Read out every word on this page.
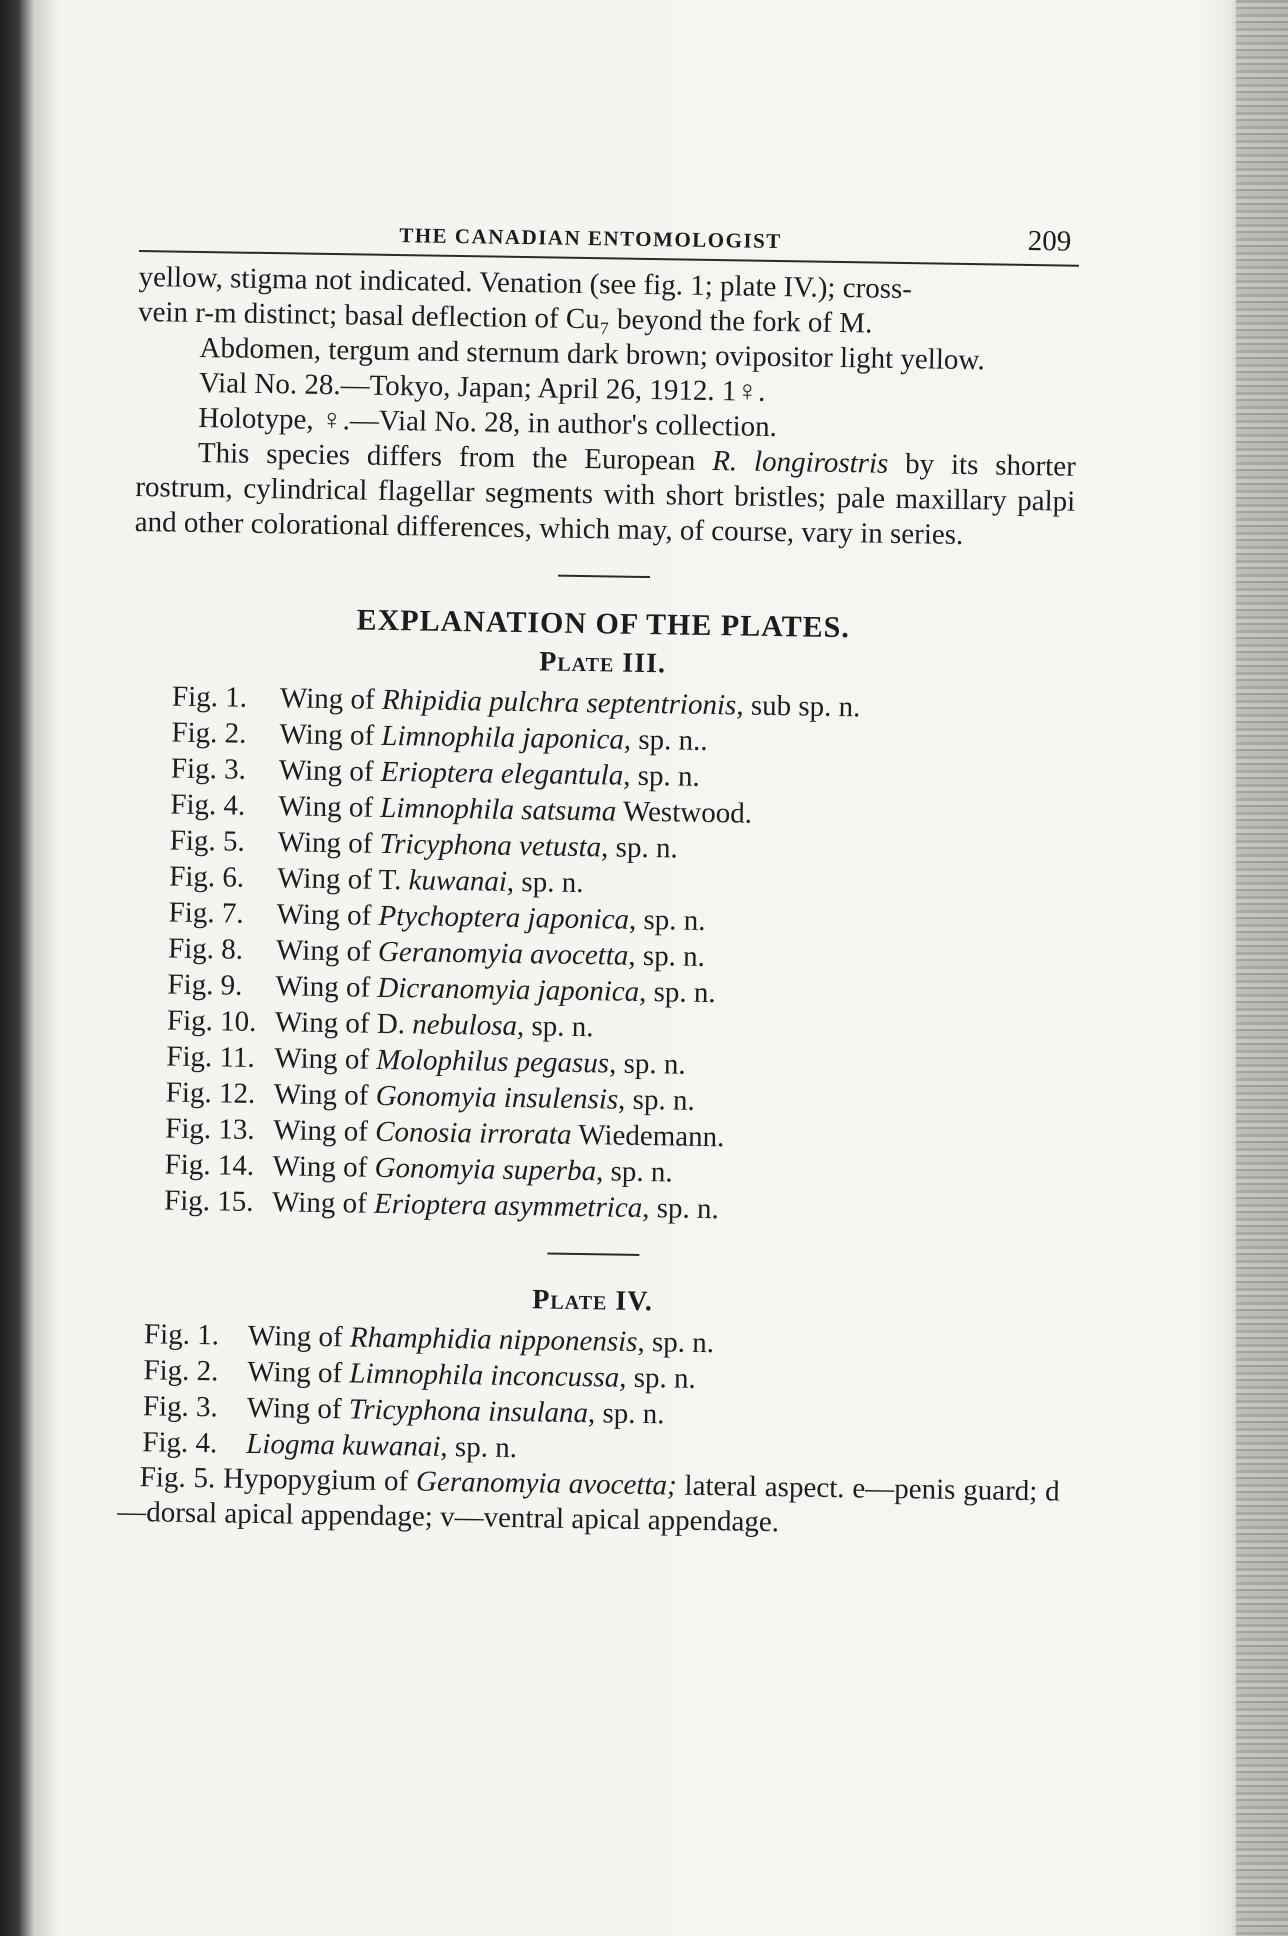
THE CANADIAN ENTOMOLOGIST	209

yellow, stigma not indicated. Venation (see fig. 1; plate IV.); cross-
vein r-m distinct; basal deflection of Cu₇ beyond the fork of M.

Abdomen, tergum and sternum dark brown; ovipositor light yellow.

Vial No. 28.—Tokyo, Japan; April 26, 1912. 1♀.

Holotype, ♀.—Vial No. 28, in author's collection.

This species differs from the European R. longirostris by its shorter rostrum, cylindrical flagellar segments with short bristles; pale maxillary palpi and other colorational differences, which may, of course, vary in series.

EXPLANATION OF THE PLATES.
Plate III.
Fig. 1. Wing of Rhipidia pulchra septentrionis, sub sp. n.
Fig. 2. Wing of Limnophila japonica, sp. n..
Fig. 3. Wing of Erioptera elegantula, sp. n.
Fig. 4. Wing of Limnophila satsuma Westwood.
Fig. 5. Wing of Tricyphona vetusta, sp. n.
Fig. 6. Wing of T. kuwanai, sp. n.
Fig. 7. Wing of Ptychoptera japonica, sp. n.
Fig. 8. Wing of Geranomyia avocetta, sp. n.
Fig. 9. Wing of Dicranomyia japonica, sp. n.
Fig. 10. Wing of D. nebulosa, sp. n.
Fig. 11. Wing of Molophilus pegasus, sp. n.
Fig. 12. Wing of Gonomyia insulensis, sp. n.
Fig. 13. Wing of Conosia irrorata Wiedemann.
Fig. 14. Wing of Gonomyia superba, sp. n.
Fig. 15. Wing of Erioptera asymmetrica, sp. n.
Plate IV.
Fig. 1. Wing of Rhamphidia nipponensis, sp. n.
Fig. 2. Wing of Limnophila inconcussa, sp. n.
Fig. 3. Wing of Tricyphona insulana, sp. n.
Fig. 4. Liogma kuwanai, sp. n.

Fig. 5. Hypopygium of Geranomyia avocetta; lateral aspect. e—penis guard; d—dorsal apical appendage; v—ventral apical appendage.
